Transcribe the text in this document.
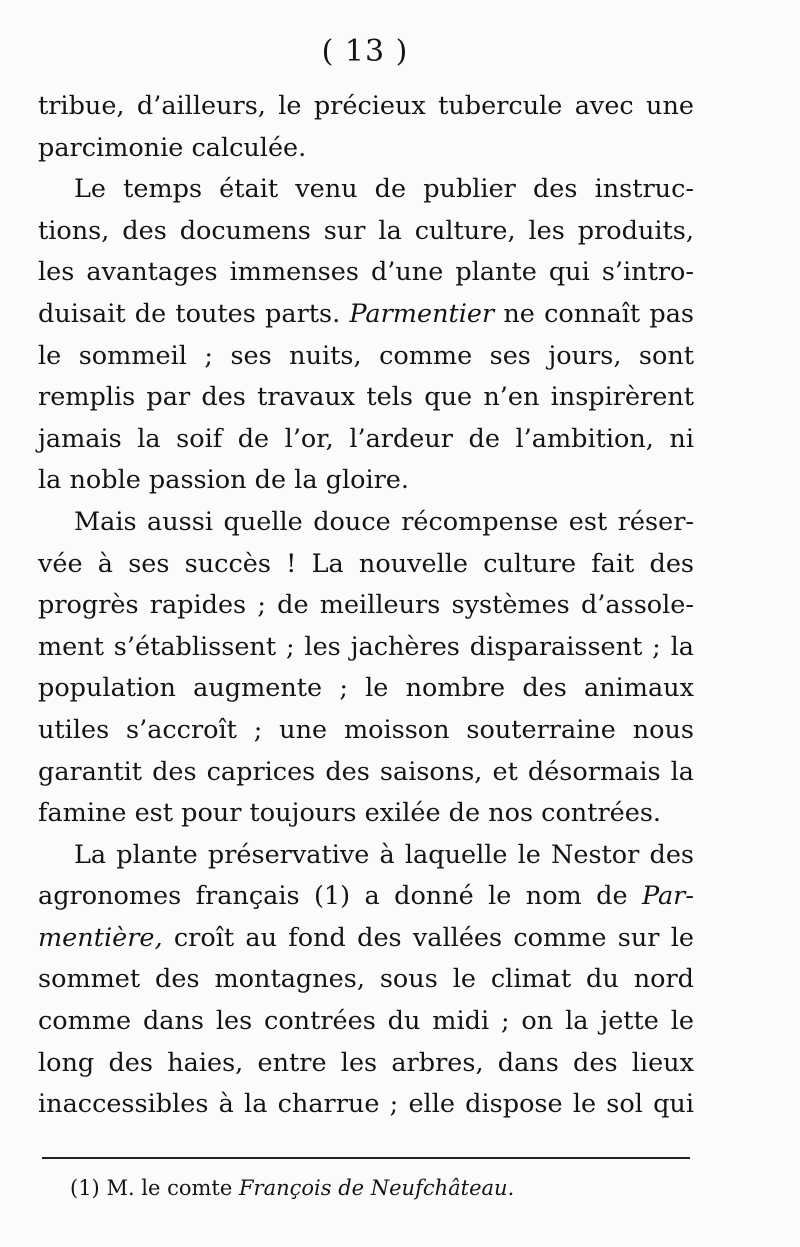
( 13 )
tribue, d’ailleurs, le précieux tubercule avec une
parcimonie calculée.
Le temps était venu de publier des instruc-
tions, des documens sur la culture, les produits,
les avantages immenses d’une plante qui s’intro-
duisait de toutes parts. Parmentier ne connaît pas
le sommeil ; ses nuits, comme ses jours, sont
remplis par des travaux tels que n’en inspirèrent
jamais la soif de l’or, l’ardeur de l’ambition, ni
la noble passion de la gloire.
Mais aussi quelle douce récompense est réser-
vée à ses succès ! La nouvelle culture fait des
progrès rapides ; de meilleurs systèmes d’assole-
ment s’établissent ; les jachères disparaissent ; la
population augmente ; le nombre des animaux
utiles s’accroît ; une moisson souterraine nous
garantit des caprices des saisons, et désormais la
famine est pour toujours exilée de nos contrées.
La plante préservative à laquelle le Nestor des
agronomes français (1) a donné le nom de Par-
mentière, croît au fond des vallées comme sur le
sommet des montagnes, sous le climat du nord
comme dans les contrées du midi ; on la jette le
long des haies, entre les arbres, dans des lieux
inaccessibles à la charrue ; elle dispose le sol qui
(1) M. le comte François de Neufchâteau.
